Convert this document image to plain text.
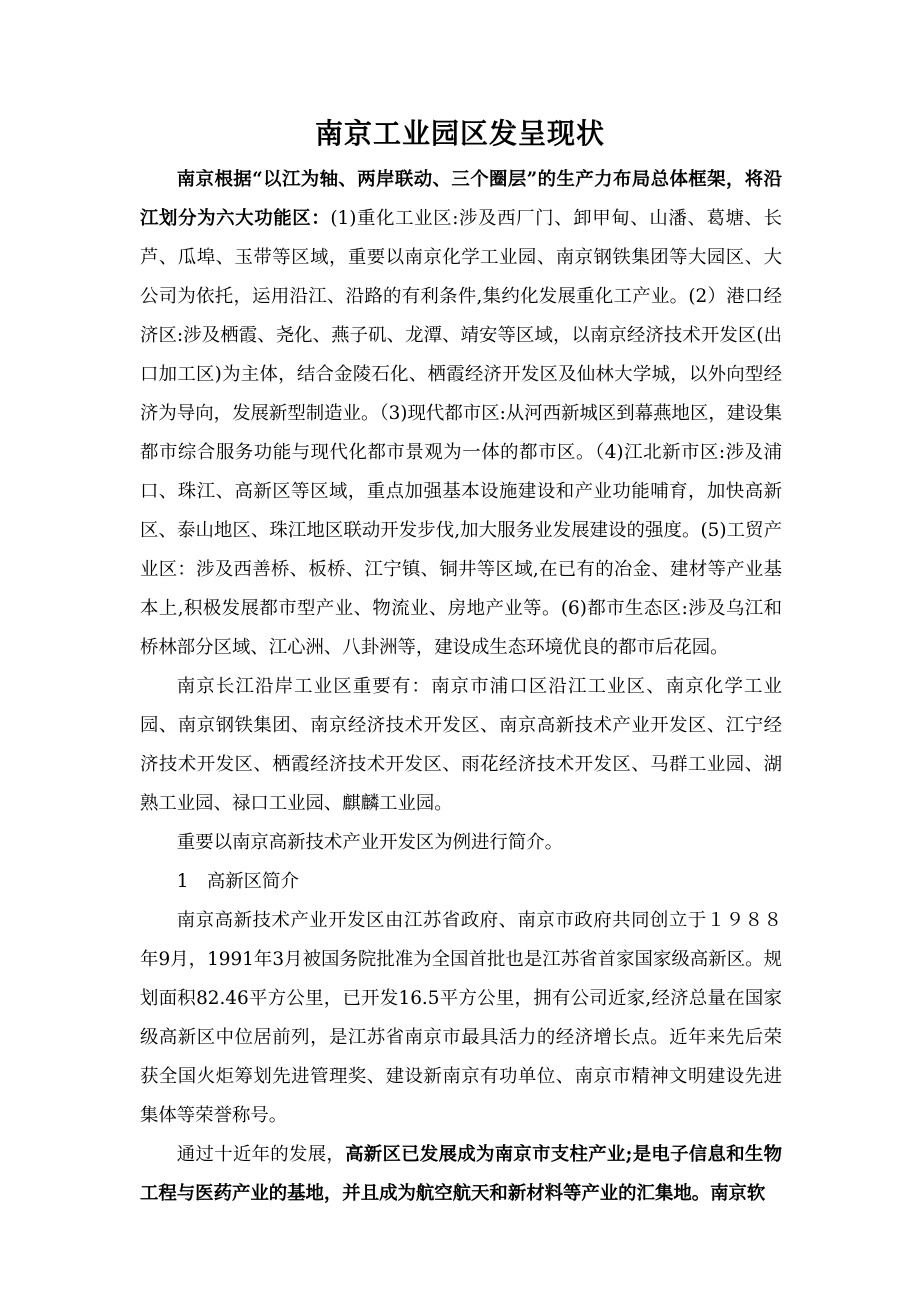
南京工业园区发呈现状

南京根据“以江为轴、两岸联动、三个圈层”的生产力布局总体框架，将沿江划分为六大功能区：(1)重化工业区:涉及西厂门、卸甲甸、山潘、葛塘、长芦、瓜埠、玉带等区域，重要以南京化学工业园、南京钢铁集团等大园区、大公司为依托，运用沿江、沿路的有利条件,集约化发展重化工产业。(2）港口经济区:涉及栖霞、尧化、燕子矶、龙潭、靖安等区域，以南京经济技术开发区(出口加工区)为主体，结合金陵石化、栖霞经济开发区及仙林大学城，以外向型经济为导向，发展新型制造业。（3)现代都市区:从河西新城区到幕燕地区，建设集都市综合服务功能与现代化都市景观为一体的都市区。（4)江北新市区:涉及浦口、珠江、高新区等区域，重点加强基本设施建设和产业功能哺育，加快高新区、泰山地区、珠江地区联动开发步伐,加大服务业发展建设的强度。(5)工贸产业区：涉及西善桥、板桥、江宁镇、铜井等区域,在已有的冶金、建材等产业基本上,积极发展都市型产业、物流业、房地产业等。(6)都市生态区:涉及乌江和桥林部分区域、江心洲、八卦洲等，建设成生态环境优良的都市后花园。

南京长江沿岸工业区重要有：南京市浦口区沿江工业区、南京化学工业园、南京钢铁集团、南京经济技术开发区、南京高新技术产业开发区、江宁经济技术开发区、栖霞经济技术开发区、雨花经济技术开发区、马群工业园、湖熟工业园、禄口工业园、麒麟工业园。

重要以南京高新技术产业开发区为例进行简介。

1　高新区简介

南京高新技术产业开发区由江苏省政府、南京市政府共同创立于１９８８年9月，1991年3月被国务院批准为全国首批也是江苏省首家国家级高新区。规划面积82.46平方公里，已开发16.5平方公里，拥有公司近家,经济总量在国家级高新区中位居前列，是江苏省南京市最具活力的经济增长点。近年来先后荣获全国火炬筹划先进管理奖、建设新南京有功单位、南京市精神文明建设先进集体等荣誉称号。

通过十近年的发展，高新区已发展成为南京市支柱产业;是电子信息和生物工程与医药产业的基地，并且成为航空航天和新材料等产业的汇集地。南京软
